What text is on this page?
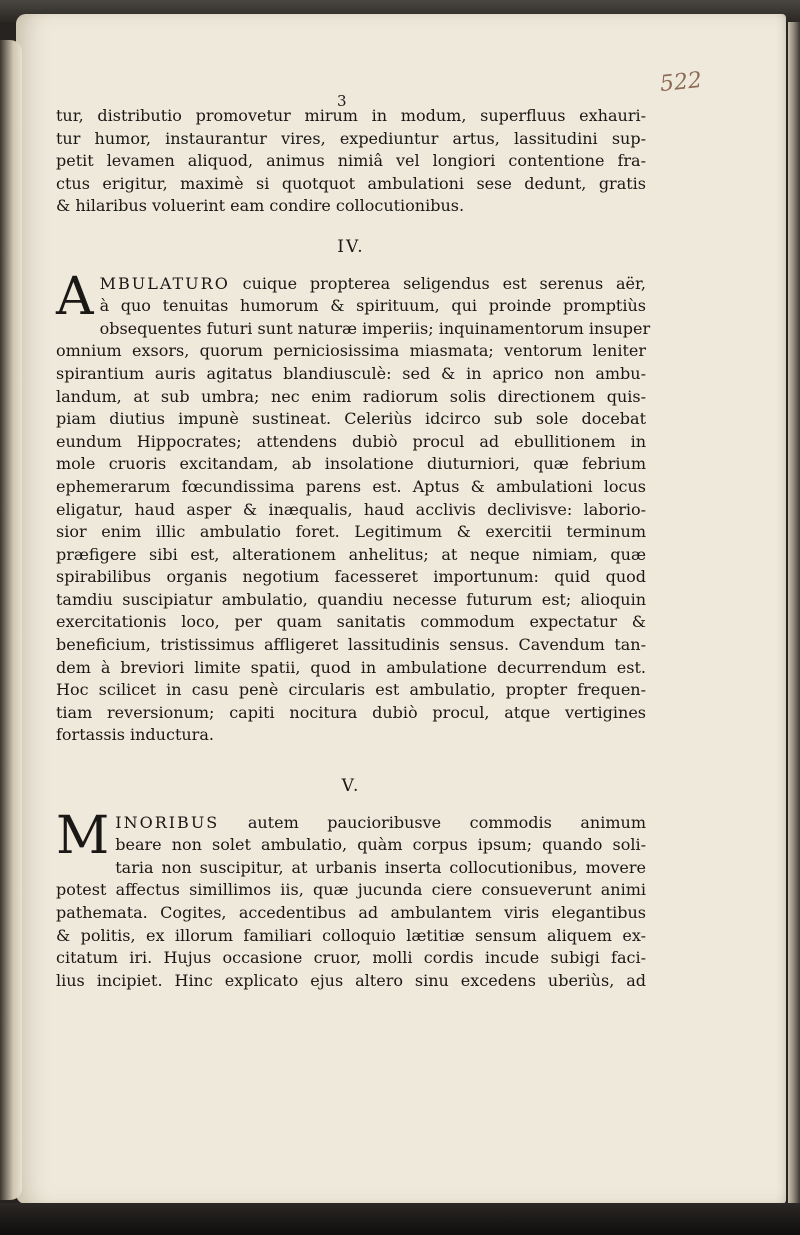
522
3

tur, distributio promovetur mirum in modum, superfluus exhauri-
tur humor, instaurantur vires, expediuntur artus, lassitudini sup-
petit levamen aliquod, animus nimiâ vel longiori contentione fra-
ctus erigitur, maximè si quotquot ambulationi sese dedunt, gratis
& hilaribus voluerint eam condire collocutionibus.

IV.

A MBULATURO cuique propterea seligendus est serenus aër,
à quo tenuitas humorum & spirituum, qui proinde promptiùs
obsequentes futuri sunt naturæ imperiis; inquinamentorum insuper
omnium exsors, quorum perniciosissima miasmata; ventorum leniter
spirantium auris agitatus blandiusculè: sed & in aprico non ambu-
landum, at sub umbra; nec enim radiorum solis directionem quis-
piam diutius impunè sustineat. Celeriùs idcirco sub sole docebat
eundum Hippocrates; attendens dubiò procul ad ebullitionem in
mole cruoris excitandam, ab insolatione diuturniori, quæ febrium
ephemerarum fœcundissima parens est. Aptus & ambulationi locus
eligatur, haud asper & inæqualis, haud acclivis declivisve: laborio-
sior enim illic ambulatio foret. Legitimum & exercitii terminum
præfigere sibi est, alterationem anhelitus; at neque nimiam, quæ
spirabilibus organis negotium facesseret importunum: quid quod
tamdiu suscipiatur ambulatio, quandiu necesse futurum est; alioquin
exercitationis loco, per quam sanitatis commodum expectatur &
beneficium, tristissimus affligeret lassitudinis sensus. Cavendum tan-
dem à breviori limite spatii, quod in ambulatione decurrendum est.
Hoc scilicet in casu penè circularis est ambulatio, propter frequen-
tiam reversionum; capiti nocitura dubiò procul, atque vertigines
fortassis inductura.

V.

M INORIBUS autem paucioribusve commodis animum
beare non solet ambulatio, quàm corpus ipsum; quando soli-
taria non suscipitur, at urbanis inserta collocutionibus, movere
potest affectus simillimos iis, quæ jucunda ciere consueverunt animi
pathemata. Cogites, accedentibus ad ambulantem viris elegantibus
& politis, ex illorum familiari colloquio lætitiæ sensum aliquem ex-
citatum iri. Hujus occasione cruor, molli cordis incude subigi faci-
lius incipiet. Hinc explicato ejus altero sinu excedens uberiùs, ad
